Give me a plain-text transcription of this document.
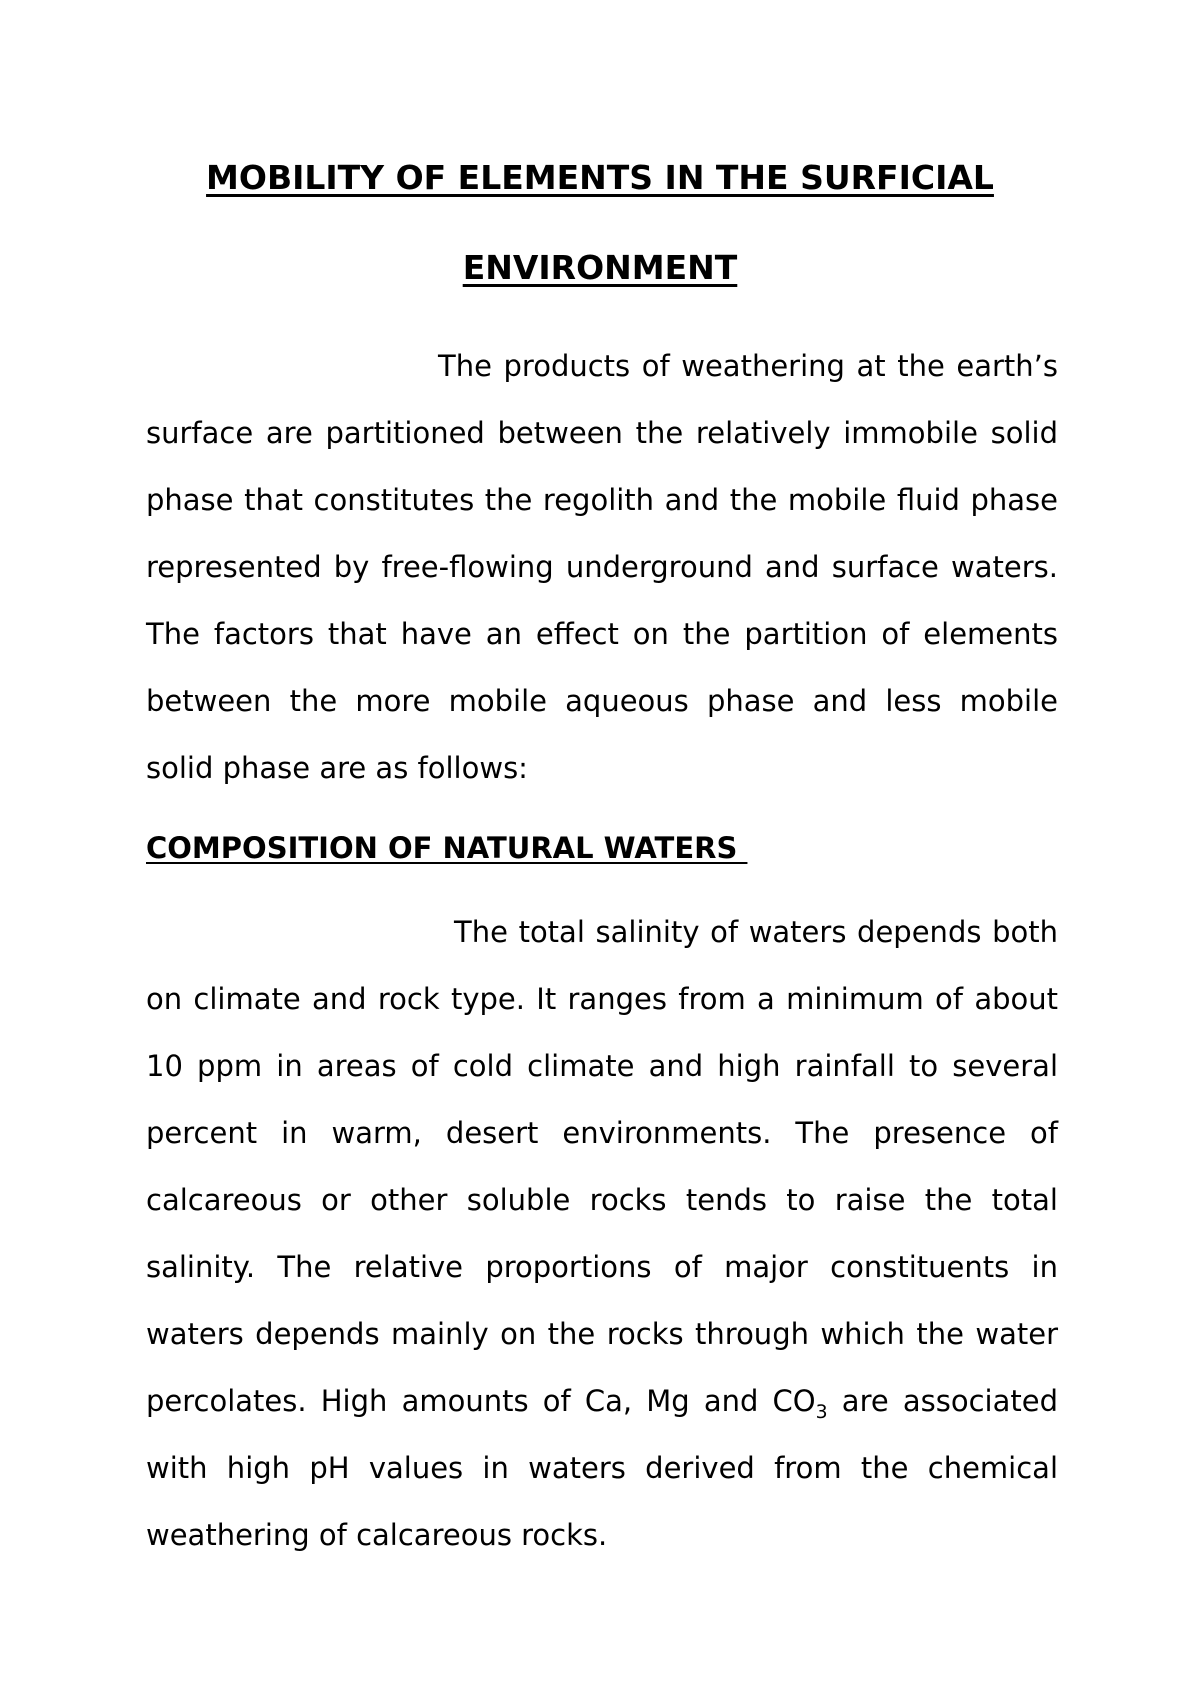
MOBILITY OF ELEMENTS IN THE SURFICIAL
ENVIRONMENT
The products of weathering at the earth’s
surface are partitioned between the relatively immobile solid
phase that constitutes the regolith and the mobile fluid phase
represented by free-flowing underground and surface waters.
The factors that have an effect on the partition of elements
between the more mobile aqueous phase and less mobile
solid phase are as follows:
COMPOSITION OF NATURAL WATERS
The total salinity of waters depends both
on climate and rock type. It ranges from a minimum of about
10 ppm in areas of cold climate and high rainfall to several
percent in warm, desert environments. The presence of
calcareous or other soluble rocks tends to raise the total
salinity. The relative proportions of major constituents in
waters depends mainly on the rocks through which the water
percolates. High amounts of Ca, Mg and $CO_3$ are associated
with high pH values in waters derived from the chemical
weathering of calcareous rocks.
